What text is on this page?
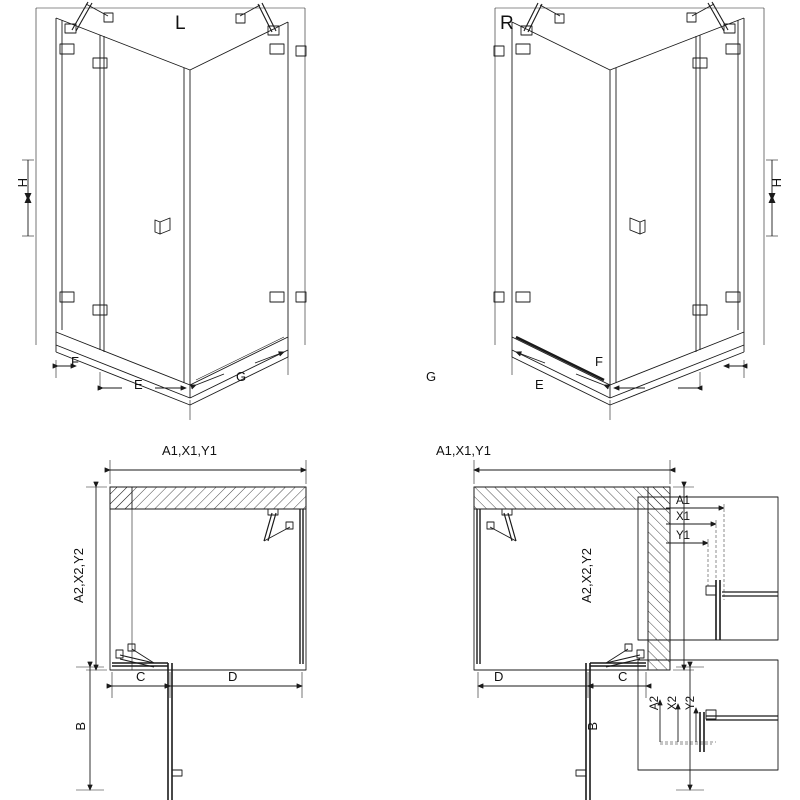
L	R
H	H
F
E
G	G
E
F
A1,X1,Y1
A2,X2,Y2
C	D
B
A1,X1,Y1
A2,X2,Y2
D	C
B
A1
X1
Y1
A2 X2 Y2
